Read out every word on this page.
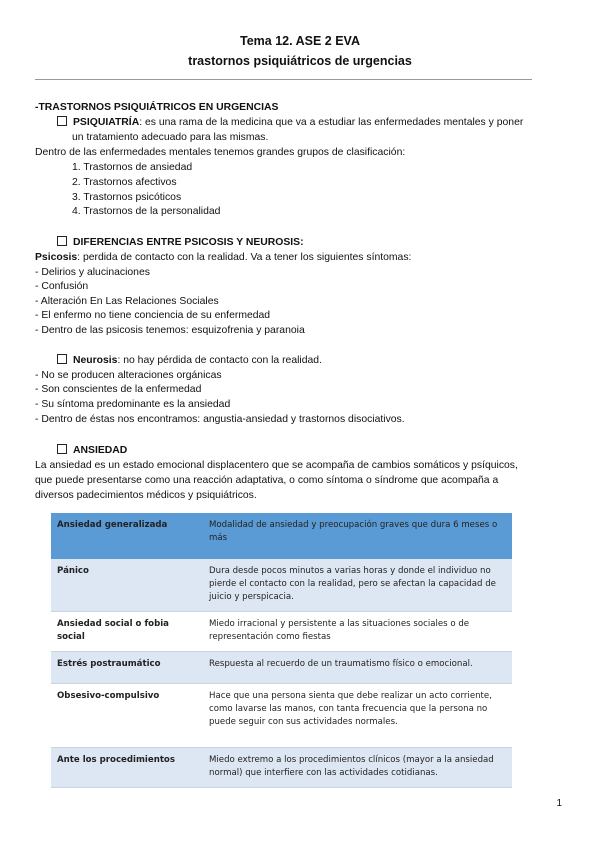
Tema 12. ASE 2 EVA
trastornos psiquiátricos de urgencias
-TRASTORNOS PSIQUIÁTRICOS EN URGENCIAS
PSIQUIATRÍA: es una rama de la medicina que va a estudiar las enfermedades mentales y poner
un tratamiento adecuado para las mismas.
Dentro de las enfermedades mentales tenemos grandes grupos de clasificación:
1. Trastornos de ansiedad
2. Trastornos afectivos
3. Trastornos psicóticos
4. Trastornos de la personalidad
DIFERENCIAS ENTRE PSICOSIS Y NEUROSIS:
Psicosis: perdida de contacto con la realidad. Va a tener los siguientes síntomas:
- Delirios y alucinaciones
- Confusión
- Alteración En Las Relaciones Sociales
- El enfermo no tiene conciencia de su enfermedad
- Dentro de las psicosis tenemos: esquizofrenia y paranoia
Neurosis: no hay pérdida de contacto con la realidad.
- No se producen alteraciones orgánicas
- Son conscientes de la enfermedad
- Su síntoma predominante es la ansiedad
- Dentro de éstas nos encontramos: angustia-ansiedad y trastornos disociativos.
ANSIEDAD
La ansiedad es un estado emocional displacentero que se acompaña de cambios somáticos y psíquicos,
que puede presentarse como una reacción adaptativa, o como síntoma o síndrome que acompaña a
diversos padecimientos médicos y psiquiátricos.
Ansiedad generalizada	Modalidad de ansiedad y preocupación graves que dura 6 meses o más
Pánico	Dura desde pocos minutos a varias horas y donde el individuo no pierde el contacto con la realidad, pero se afectan la capacidad de juicio y perspicacia.
Ansiedad social o fobia social	Miedo irracional y persistente a las situaciones sociales o de representación como fiestas
Estrés postraumático	Respuesta al recuerdo de un traumatismo físico o emocional.
Obsesivo-compulsivo	Hace que una persona sienta que debe realizar un acto corriente, como lavarse las manos, con tanta frecuencia que la persona no puede seguir con sus actividades normales.
Ante los procedimientos	Miedo extremo a los procedimientos clínicos (mayor a la ansiedad normal) que interfiere con las actividades cotidianas.
1
